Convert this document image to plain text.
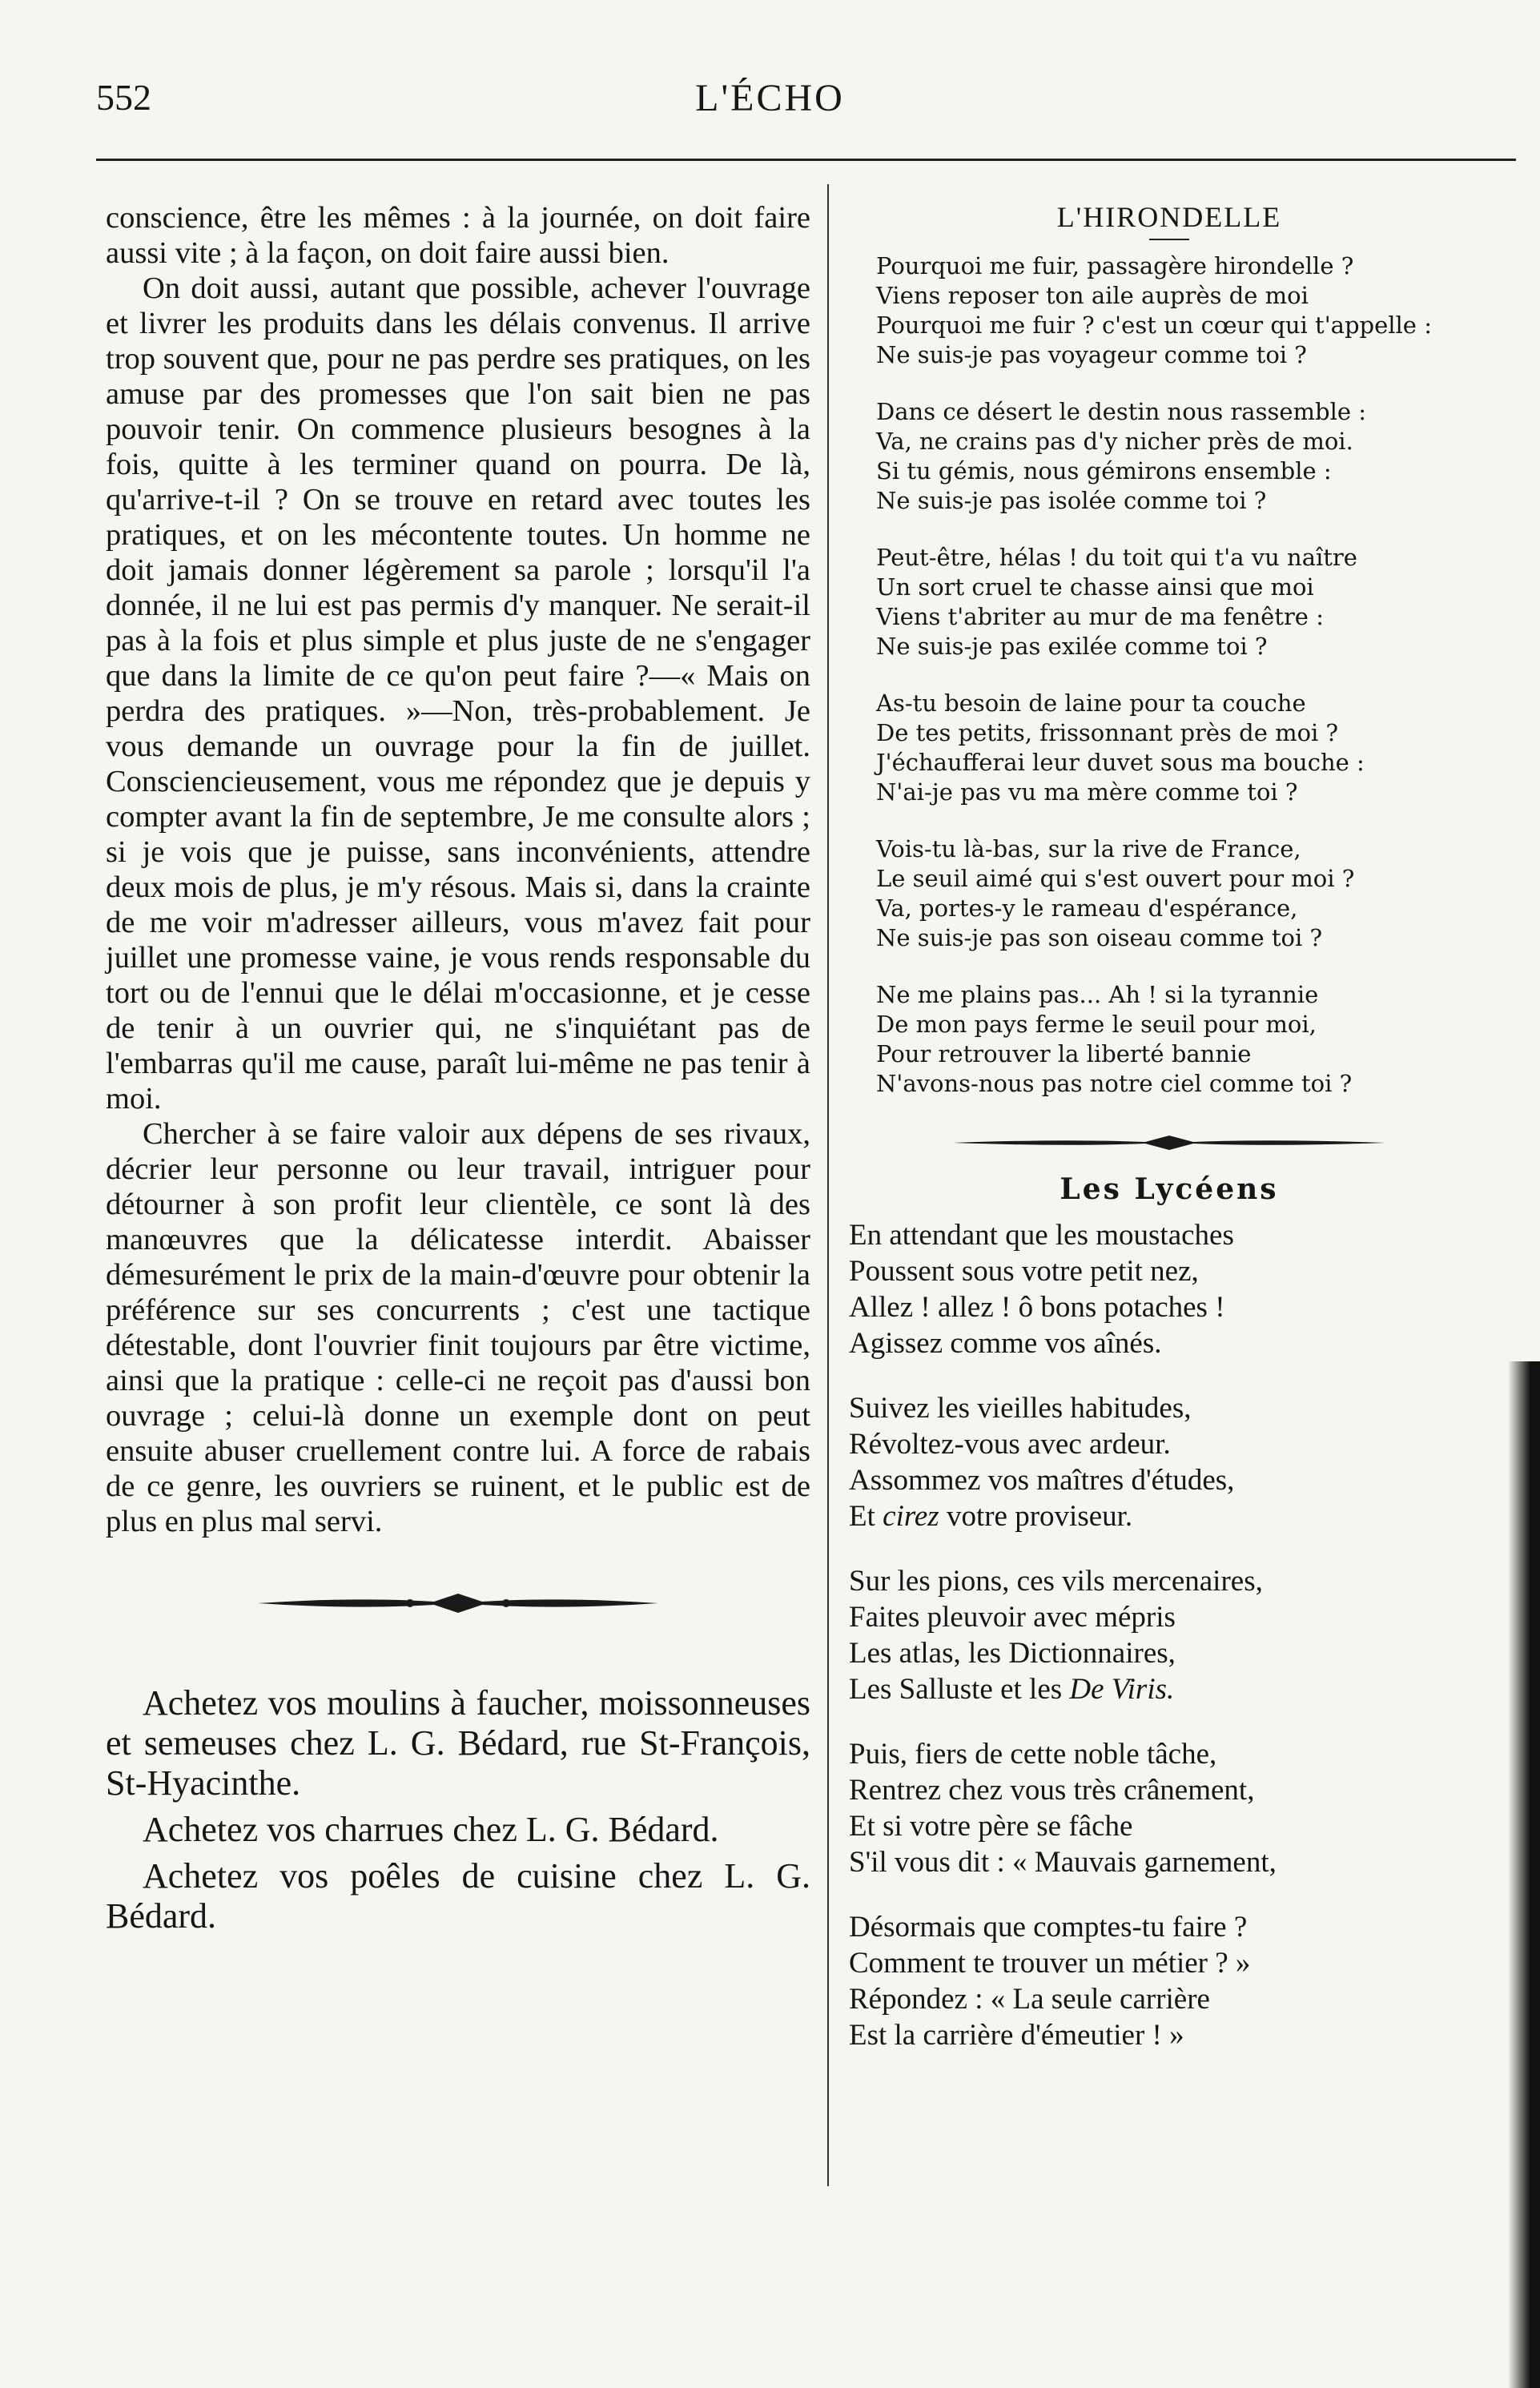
552	L'ÉCHO

conscience, être les mêmes : à la journée, on doit faire aussi vite ; à la façon, on doit faire aussi bien.

On doit aussi, autant que possible, achever l'ouvrage et livrer les produits dans les délais convenus. Il arrive trop souvent que, pour ne pas perdre ses pratiques, on les amuse par des promesses que l'on sait bien ne pas pouvoir tenir. On commence plusieurs besognes à la fois, quitte à les terminer quand on pourra. De là, qu'arrive-t-il ? On se trouve en retard avec toutes les pratiques, et on les mécontente toutes. Un homme ne doit jamais donner légèrement sa parole ; lorsqu'il l'a donnée, il ne lui est pas permis d'y manquer. Ne serait-il pas à la fois et plus simple et plus juste de ne s'engager que dans la limite de ce qu'on peut faire ?—« Mais on perdra des pratiques. »—Non, très-probablement. Je vous demande un ouvrage pour la fin de juillet. Consciencieusement, vous me répondez que je depuis y compter avant la fin de septembre, Je me consulte alors ; si je vois que je puisse, sans inconvénients, attendre deux mois de plus, je m'y résous. Mais si, dans la crainte de me voir m'adresser ailleurs, vous m'avez fait pour juillet une promesse vaine, je vous rends responsable du tort ou de l'ennui que le délai m'occasionne, et je cesse de tenir à un ouvrier qui, ne s'inquiétant pas de l'embarras qu'il me cause, paraît lui-même ne pas tenir à moi.

Chercher à se faire valoir aux dépens de ses rivaux, décrier leur personne ou leur travail, intriguer pour détourner à son profit leur clientèle, ce sont là des manœuvres que la délicatesse interdit. Abaisser démesurément le prix de la main-d'œuvre pour obtenir la préférence sur ses concurrents ; c'est une tactique détestable, dont l'ouvrier finit toujours par être victime, ainsi que la pratique : celle-ci ne reçoit pas d'aussi bon ouvrage ; celui-là donne un exemple dont on peut ensuite abuser cruellement contre lui. A force de rabais de ce genre, les ouvriers se ruinent, et le public est de plus en plus mal servi.

Achetez vos moulins à faucher, moissonneuses et semeuses chez L. G. Bédard, rue St-François, St-Hyacinthe.

Achetez vos charrues chez L. G. Bédard.

Achetez vos poêles de cuisine chez L. G. Bédard.

L'HIRONDELLE
Pourquoi me fuir, passagère hirondelle ?
Viens reposer ton aile auprès de moi
Pourquoi me fuir ? c'est un cœur qui t'appelle :
Ne suis-je pas voyageur comme toi ?
Dans ce désert le destin nous rassemble :
Va, ne crains pas d'y nicher près de moi.
Si tu gémis, nous gémirons ensemble :
Ne suis-je pas isolée comme toi ?
Peut-être, hélas ! du toit qui t'a vu naître
Un sort cruel te chasse ainsi que moi
Viens t'abriter au mur de ma fenêtre :
Ne suis-je pas exilée comme toi ?
As-tu besoin de laine pour ta couche
De tes petits, frissonnant près de moi ?
J'échaufferai leur duvet sous ma bouche :
N'ai-je pas vu ma mère comme toi ?
Vois-tu là-bas, sur la rive de France,
Le seuil aimé qui s'est ouvert pour moi ?
Va, portes-y le rameau d'espérance,
Ne suis-je pas son oiseau comme toi ?
Ne me plains pas... Ah ! si la tyrannie
De mon pays ferme le seuil pour moi,
Pour retrouver la liberté bannie
N'avons-nous pas notre ciel comme toi ?
Les Lycéens
En attendant que les moustaches
Poussent sous votre petit nez,
Allez ! allez ! ô bons potaches !
Agissez comme vos aînés.
Suivez les vieilles habitudes,
Révoltez-vous avec ardeur.
Assommez vos maîtres d'études,
Et cirez votre proviseur.
Sur les pions, ces vils mercenaires,
Faites pleuvoir avec mépris
Les atlas, les Dictionnaires,
Les Salluste et les De Viris.
Puis, fiers de cette noble tâche,
Rentrez chez vous très crânement,
Et si votre père se fâche
S'il vous dit : « Mauvais garnement,
Désormais que comptes-tu faire ?
Comment te trouver un métier ? »
Répondez : « La seule carrière
Est la carrière d'émeutier ! »
